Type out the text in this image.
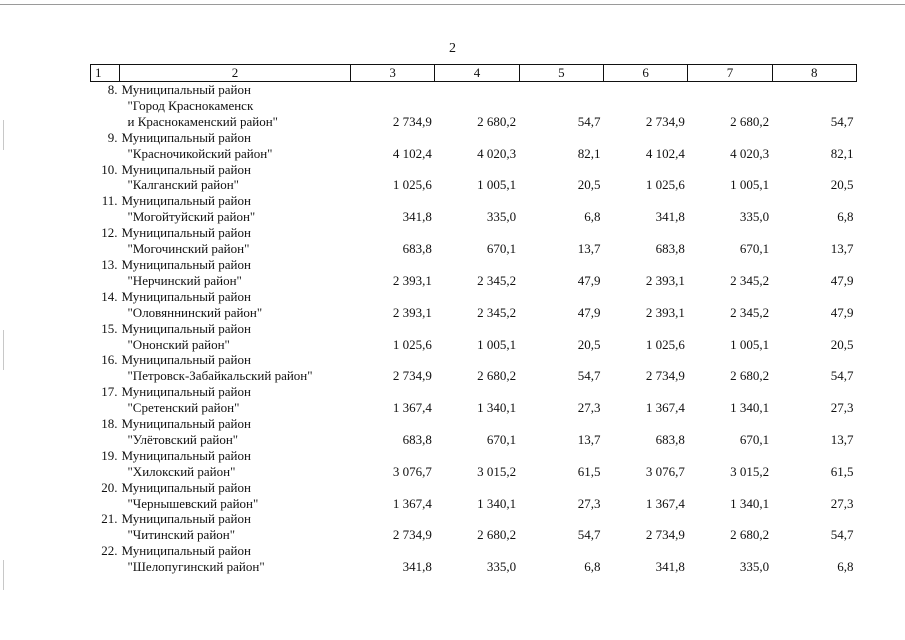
2
1	2	3	4	5	6	7	8
8.	Муниципальный район
"Город Краснокаменск
и Краснокаменский район"	2 734,9	2 680,2	54,7	2 734,9	2 680,2	54,7
9.	Муниципальный район
"Красночикойский район"	4 102,4	4 020,3	82,1	4 102,4	4 020,3	82,1
10.	Муниципальный район
"Калганский район"	1 025,6	1 005,1	20,5	1 025,6	1 005,1	20,5
11.	Муниципальный район
"Могойтуйский район"	341,8	335,0	6,8	341,8	335,0	6,8
12.	Муниципальный район
"Могочинский район"	683,8	670,1	13,7	683,8	670,1	13,7
13.	Муниципальный район
"Нерчинский район"	2 393,1	2 345,2	47,9	2 393,1	2 345,2	47,9
14.	Муниципальный район
"Оловяннинский район"	2 393,1	2 345,2	47,9	2 393,1	2 345,2	47,9
15.	Муниципальный район
"Ононский район"	1 025,6	1 005,1	20,5	1 025,6	1 005,1	20,5
16.	Муниципальный район
"Петровск-Забайкальский район"	2 734,9	2 680,2	54,7	2 734,9	2 680,2	54,7
17.	Муниципальный район
"Сретенский район"	1 367,4	1 340,1	27,3	1 367,4	1 340,1	27,3
18.	Муниципальный район
"Улётовский район"	683,8	670,1	13,7	683,8	670,1	13,7
19.	Муниципальный район
"Хилокский район"	3 076,7	3 015,2	61,5	3 076,7	3 015,2	61,5
20.	Муниципальный район
"Чернышевский район"	1 367,4	1 340,1	27,3	1 367,4	1 340,1	27,3
21.	Муниципальный район
"Читинский район"	2 734,9	2 680,2	54,7	2 734,9	2 680,2	54,7
22.	Муниципальный район
"Шелопугинский район"	341,8	335,0	6,8	341,8	335,0	6,8
